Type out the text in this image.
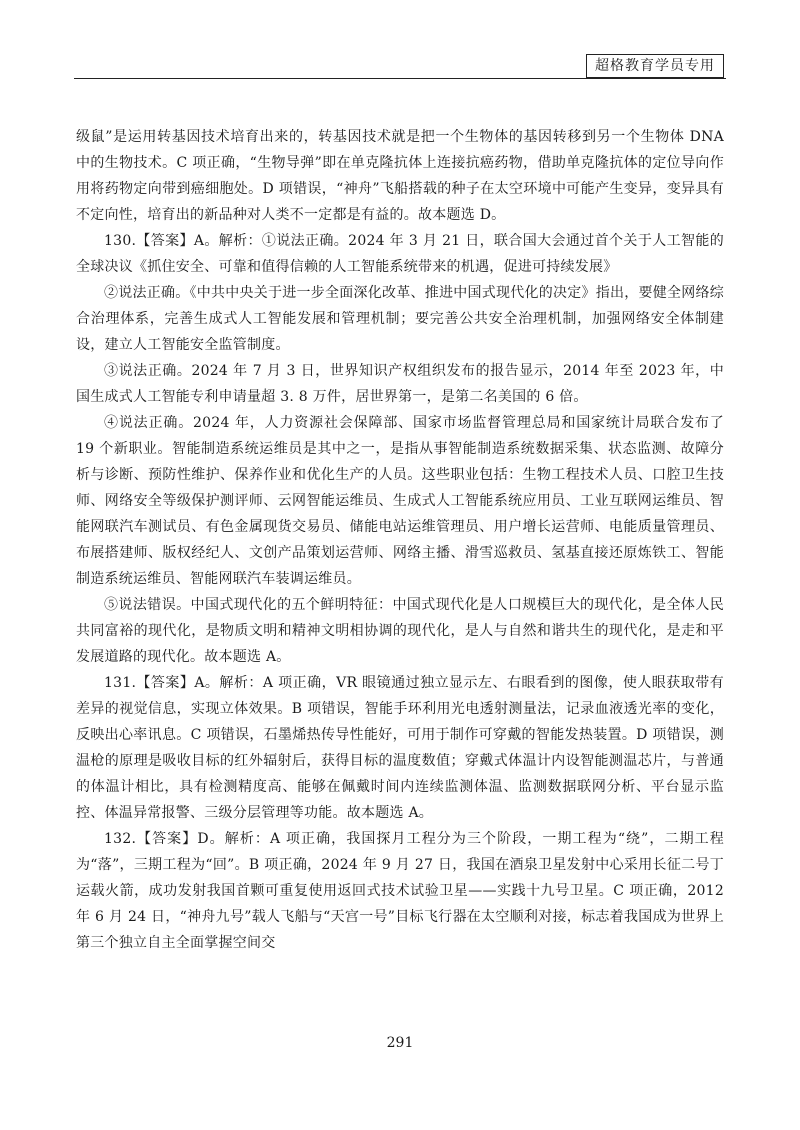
超格教育学员专用

级鼠”是运用转基因技术培育出来的，转基因技术就是把一个生物体的基因转移到另一个生物体 DNA 中的生物技术。C 项正确，“生物导弹”即在单克隆抗体上连接抗癌药物，借助单克隆抗体的定位导向作用将药物定向带到癌细胞处。D 项错误，“神舟”飞船搭载的种子在太空环境中可能产生变异，变异具有不定向性，培育出的新品种对人类不一定都是有益的。故本题选 D。

130.【答案】A。解析：①说法正确。2024 年 3 月 21 日，联合国大会通过首个关于人工智能的全球决议《抓住安全、可靠和值得信赖的人工智能系统带来的机遇，促进可持续发展》

②说法正确。《中共中央关于进一步全面深化改革、推进中国式现代化的决定》指出，要健全网络综合治理体系，完善生成式人工智能发展和管理机制；要完善公共安全治理机制，加强网络安全体制建设，建立人工智能安全监管制度。

③说法正确。2024 年 7 月 3 日，世界知识产权组织发布的报告显示，2014 年至 2023 年，中国生成式人工智能专利申请量超 3. 8 万件，居世界第一，是第二名美国的 6 倍。

④说法正确。2024 年，人力资源社会保障部、国家市场监督管理总局和国家统计局联合发布了 19 个新职业。智能制造系统运维员是其中之一，是指从事智能制造系统数据采集、状态监测、故障分析与诊断、预防性维护、保养作业和优化生产的人员。这些职业包括：生物工程技术人员、口腔卫生技师、网络安全等级保护测评师、云网智能运维员、生成式人工智能系统应用员、工业互联网运维员、智能网联汽车测试员、有色金属现货交易员、储能电站运维管理员、用户增长运营师、电能质量管理员、布展搭建师、版权经纪人、文创产品策划运营师、网络主播、滑雪巡救员、氢基直接还原炼铁工、智能制造系统运维员、智能网联汽车装调运维员。

⑤说法错误。中国式现代化的五个鲜明特征：中国式现代化是人口规模巨大的现代化，是全体人民共同富裕的现代化，是物质文明和精神文明相协调的现代化，是人与自然和谐共生的现代化，是走和平发展道路的现代化。故本题选 A。

131.【答案】A。解析：A 项正确，VR 眼镜通过独立显示左、右眼看到的图像，使人眼获取带有差异的视觉信息，实现立体效果。B 项错误，智能手环利用光电透射测量法，记录血液透光率的变化，反映出心率讯息。C 项错误，石墨烯热传导性能好，可用于制作可穿戴的智能发热装置。D 项错误，测温枪的原理是吸收目标的红外辐射后，获得目标的温度数值；穿戴式体温计内设智能测温芯片，与普通的体温计相比，具有检测精度高、能够在佩戴时间内连续监测体温、监测数据联网分析、平台显示监控、体温异常报警、三级分层管理等功能。故本题选 A。

132.【答案】D。解析：A 项正确，我国探月工程分为三个阶段，一期工程为“绕”，二期工程为“落”，三期工程为“回”。B 项正确，2024 年 9 月 27 日，我国在酒泉卫星发射中心采用长征二号丁运载火箭，成功发射我国首颗可重复使用返回式技术试验卫星——实践十九号卫星。C 项正确，2012 年 6 月 24 日，“神舟九号”载人飞船与“天宫一号”目标飞行器在太空顺利对接，标志着我国成为世界上第三个独立自主全面掌握空间交

291
